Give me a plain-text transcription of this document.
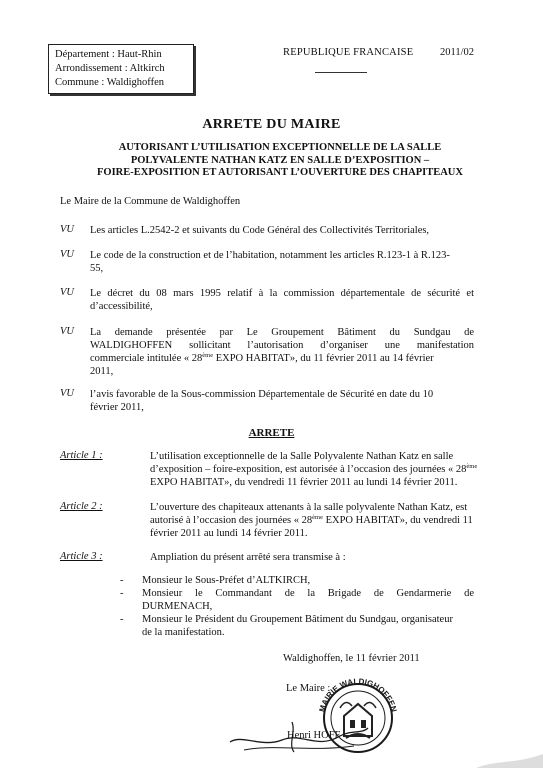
Département : Haut-Rhin
Arrondissement : Altkirch
Commune : Waldighoffen
REPUBLIQUE FRANCAISE	2011/02
ARRETE DU MAIRE
AUTORISANT L’UTILISATION EXCEPTIONNELLE DE LA SALLE
POLYVALENTE NATHAN KATZ EN SALLE D’EXPOSITION –
FOIRE-EXPOSITION ET AUTORISANT L’OUVERTURE DES CHAPITEAUX
Le Maire de la Commune de Waldighoffen
VU Les articles L.2542-2 et suivants du Code Général des Collectivités Territoriales,
VU Le code de la construction et de l’habitation, notamment les articles R.123-1 à R.123-
55,
VU Le décret du 08 mars 1995 relatif à la commission départementale de sécurité et
d’accessibilité,
VU La demande présentée par Le Groupement Bâtiment du Sundgau de
WALDIGHOFFEN sollicitant l’autorisation d’organiser une manifestation
commerciale intitulée « 28ème EXPO HABITAT», du 11 février 2011 au 14 février
2011,
VU l’avis favorable de la Sous-commission Départementale de Sécurité en date du 10
février 2011,
ARRETE
Article 1 :	L’utilisation exceptionnelle de la Salle Polyvalente Nathan Katz en salle
d’exposition – foire-exposition, est autorisée à l’occasion des journées « 28ème
EXPO HABITAT», du vendredi 11 février 2011 au lundi 14 février 2011.
Article 2 :	L’ouverture des chapiteaux attenants à la salle polyvalente Nathan Katz, est
autorisé à l’occasion des journées « 28ème EXPO HABITAT», du vendredi 11
février 2011 au lundi 14 février 2011.
Article 3 :	Ampliation du présent arrêté sera transmise à :
- Monsieur le Sous-Préfet d’ALTKIRCH,
- Monsieur le Commandant de la Brigade de Gendarmerie de
DURMENACH,
- Monsieur le Président du Groupement Bâtiment du Sundgau, organisateur
de la manifestation.
Waldighoffen, le 11 février 2011
Le Maire :
MAIRIE WALDIGHOFFEN
Henri HOFF
